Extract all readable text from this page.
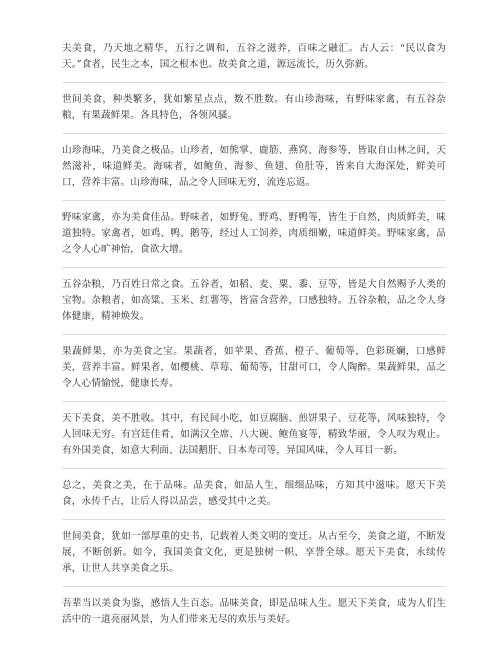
夫美食，乃天地之精华，五行之调和，五谷之滋养，百味之融汇。古人云：“民以食为天。”食者，民生之本，国之根本也。故美食之道，源远流长，历久弥新。

世间美食，种类繁多，犹如繁星点点，数不胜数。有山珍海味，有野味家禽，有五谷杂粮，有果蔬鲜果。各具特色，各领风骚。

山珍海味，乃美食之极品。山珍者，如熊掌、鹿筋、燕窝、海参等，皆取自山林之间，天然滋补，味道鲜美。海味者，如鲍鱼、海参、鱼翅、鱼肚等，皆来自大海深处，鲜美可口，营养丰富。山珍海味，品之令人回味无穷，流连忘返。

野味家禽，亦为美食佳品。野味者，如野兔、野鸡、野鸭等，皆生于自然，肉质鲜美，味道独特。家禽者，如鸡、鸭、鹅等，经过人工饲养，肉质细嫩，味道鲜美。野味家禽，品之令人心旷神怡，食欲大增。

五谷杂粮，乃百姓日常之食。五谷者，如稻、麦、粟、黍、豆等，皆是大自然赐予人类的宝物。杂粮者，如高粱、玉米、红薯等，皆富含营养，口感独特。五谷杂粮，品之令人身体健康，精神焕发。

果蔬鲜果，亦为美食之宝。果蔬者，如苹果、香蕉、橙子、葡萄等，色彩斑斓，口感鲜美，营养丰富。鲜果者，如樱桃、草莓、葡萄等，甘甜可口，令人陶醉。果蔬鲜果，品之令人心情愉悦，健康长寿。

天下美食，美不胜收。其中，有民间小吃，如豆腐脑、煎饼果子、豆花等，风味独特，令人回味无穷。有宫廷佳肴，如满汉全席、八大碗、鲍鱼宴等，精致华丽，令人叹为观止。有外国美食，如意大利面、法国鹅肝、日本寿司等，异国风味，令人耳目一新。

总之，美食之美，在于品味。品美食，如品人生，细细品味，方知其中滋味。愿天下美食，永传千古，让后人得以品尝，感受其中之美。

世间美食，犹如一部厚重的史书，记载着人类文明的变迁。从古至今，美食之道，不断发展，不断创新。如今，我国美食文化，更是独树一帜，享誉全球。愿天下美食，永续传承，让世人共享美食之乐。

吾辈当以美食为鉴，感悟人生百态。品味美食，即是品味人生。愿天下美食，成为人们生活中的一道亮丽风景，为人们带来无尽的欢乐与美好。
